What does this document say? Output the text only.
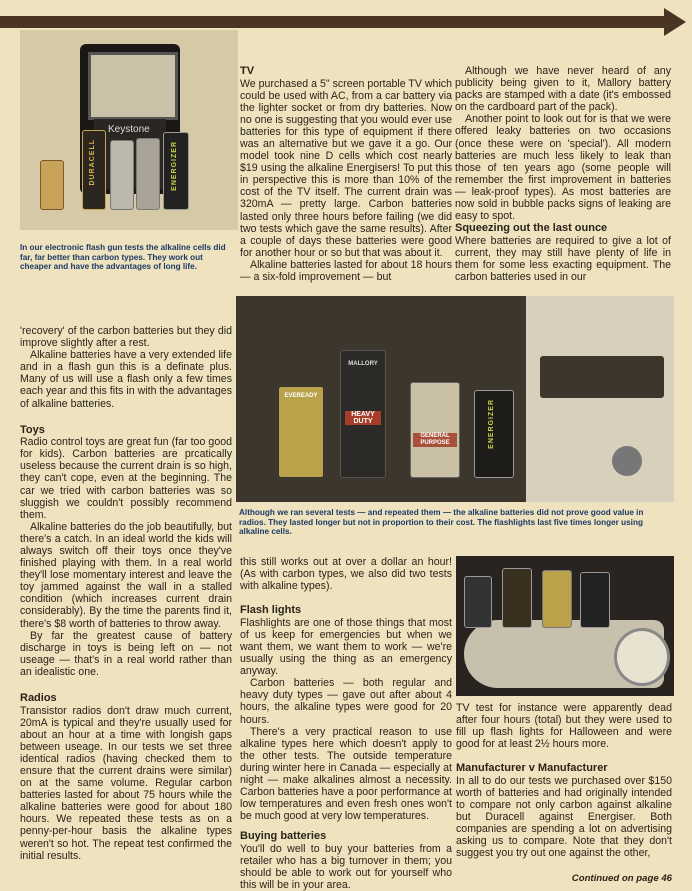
Keystone
DURACELL	ENERGIZER
In our electronic flash gun tests the alkaline cells did far, far better than carbon types. They work out cheaper and have the advantages of long life.
TV

We purchased a 5" screen portable TV which could be used with AC, from a car battery via the lighter socket or from dry batteries. Now no one is suggesting that you would ever use batteries for this type of equipment if there was an alternative but we gave it a go. Our model took nine D cells which cost nearly $19 using the alkaline Energisers! To put this in perspective this is more than 10% of the cost of the TV itself. The current drain was 320mA — pretty large. Carbon batteries lasted only three hours before failing (we did two tests which gave the same results). After a couple of days these batteries were good for another hour or so but that was about it.

Alkaline batteries lasted for about 18 hours — a six-fold improvement — but

Although we have never heard of any publicity being given to it, Mallory battery packs are stamped with a date (it's embossed on the cardboard part of the pack).

Another point to look out for is that we were offered leaky batteries on two occasions (once these were on 'special'). All modern batteries are much less likely to leak than those of ten years ago (some people will remember the first improvement in batteries — leak-proof types). As most batteries are now sold in bubble packs signs of leaking are easy to spot.

Squeezing out the last ounce

Where batteries are required to give a lot of current, they may still have plenty of life in them for some less exacting equipment. The carbon batteries used in our

EVEREADY
MALLORY
HEAVY DUTY
GENERAL PURPOSE	ENERGIZER
Although we ran several tests — and repeated them — the alkaline batteries did not prove good value in radios. They lasted longer but not in proportion to their cost. The flashlights last five times longer using alkaline cells.

'recovery' of the carbon batteries but they did improve slightly after a rest.

Alkaline batteries have a very extended life and in a flash gun this is a definate plus. Many of us will use a flash only a few times each year and this fits in with the advantages of alkaline batteries.

Toys

Radio control toys are great fun (far too good for kids). Carbon batteries are prcatically useless because the current drain is so high, they can't cope, even at the beginning. The car we tried with carbon batteries was so sluggish we couldn't possibly recommend them.

Alkaline batteries do the job beautifully, but there's a catch. In an ideal world the kids will always switch off their toys once they've finished playing with them. In a real world they'll lose momentary interest and leave the toy jammed against the wall in a stalled condition (which increases current drain considerably). By the time the parents find it, there's $8 worth of batteries to throw away.

By far the greatest cause of battery discharge in toys is being left on — not useage — that's in a real world rather than an idealistic one.

Radios

Transistor radios don't draw much current, 20mA is typical and they're usually used for about an hour at a time with longish gaps between useage. In our tests we set three identical radios (having checked them to ensure that the current drains were similar) on at the same volume. Regular carbon batteries lasted for about 75 hours while the alkaline batteries were good for about 180 hours. We repeated these tests as on a penny-per-hour basis the alkaline types weren't so hot. The repeat test confirmed the initial results.

this still works out at over a dollar an hour! (As with carbon types, we also did two tests with alkaline types).

Flash lights

Flashlights are one of those things that most of us keep for emergencies but when we want them, we want them to work — we're usually using the thing as an emergency anyway.

Carbon batteries — both regular and heavy duty types — gave out after about 4 hours, the alkaline types were good for 20 hours.

There's a very practical reason to use alkaline types here which doesn't apply to the other tests. The outside temperature during winter here in Canada — especially at night — make alkalines almost a necessity. Carbon batteries have a poor performance at low temperatures and even fresh ones won't be much good at very low temperatures.

Buying batteries

You'll do well to buy your batteries from a retailer who has a big turnover in them; you should be able to work out for yourself who this will be in your area.

TV test for instance were apparently dead after four hours (total) but they were used to fill up flash lights for Halloween and were good for at least 2½ hours more.

Manufacturer v Manufacturer

In all to do our tests we purchased over $150 worth of batteries and had originally intended to compare not only carbon against alkaline but Duracell against Energiser. Both companies are spending a lot on advertising asking us to compare. Note that they don't suggest you try out one against the other,

Continued on page 46
